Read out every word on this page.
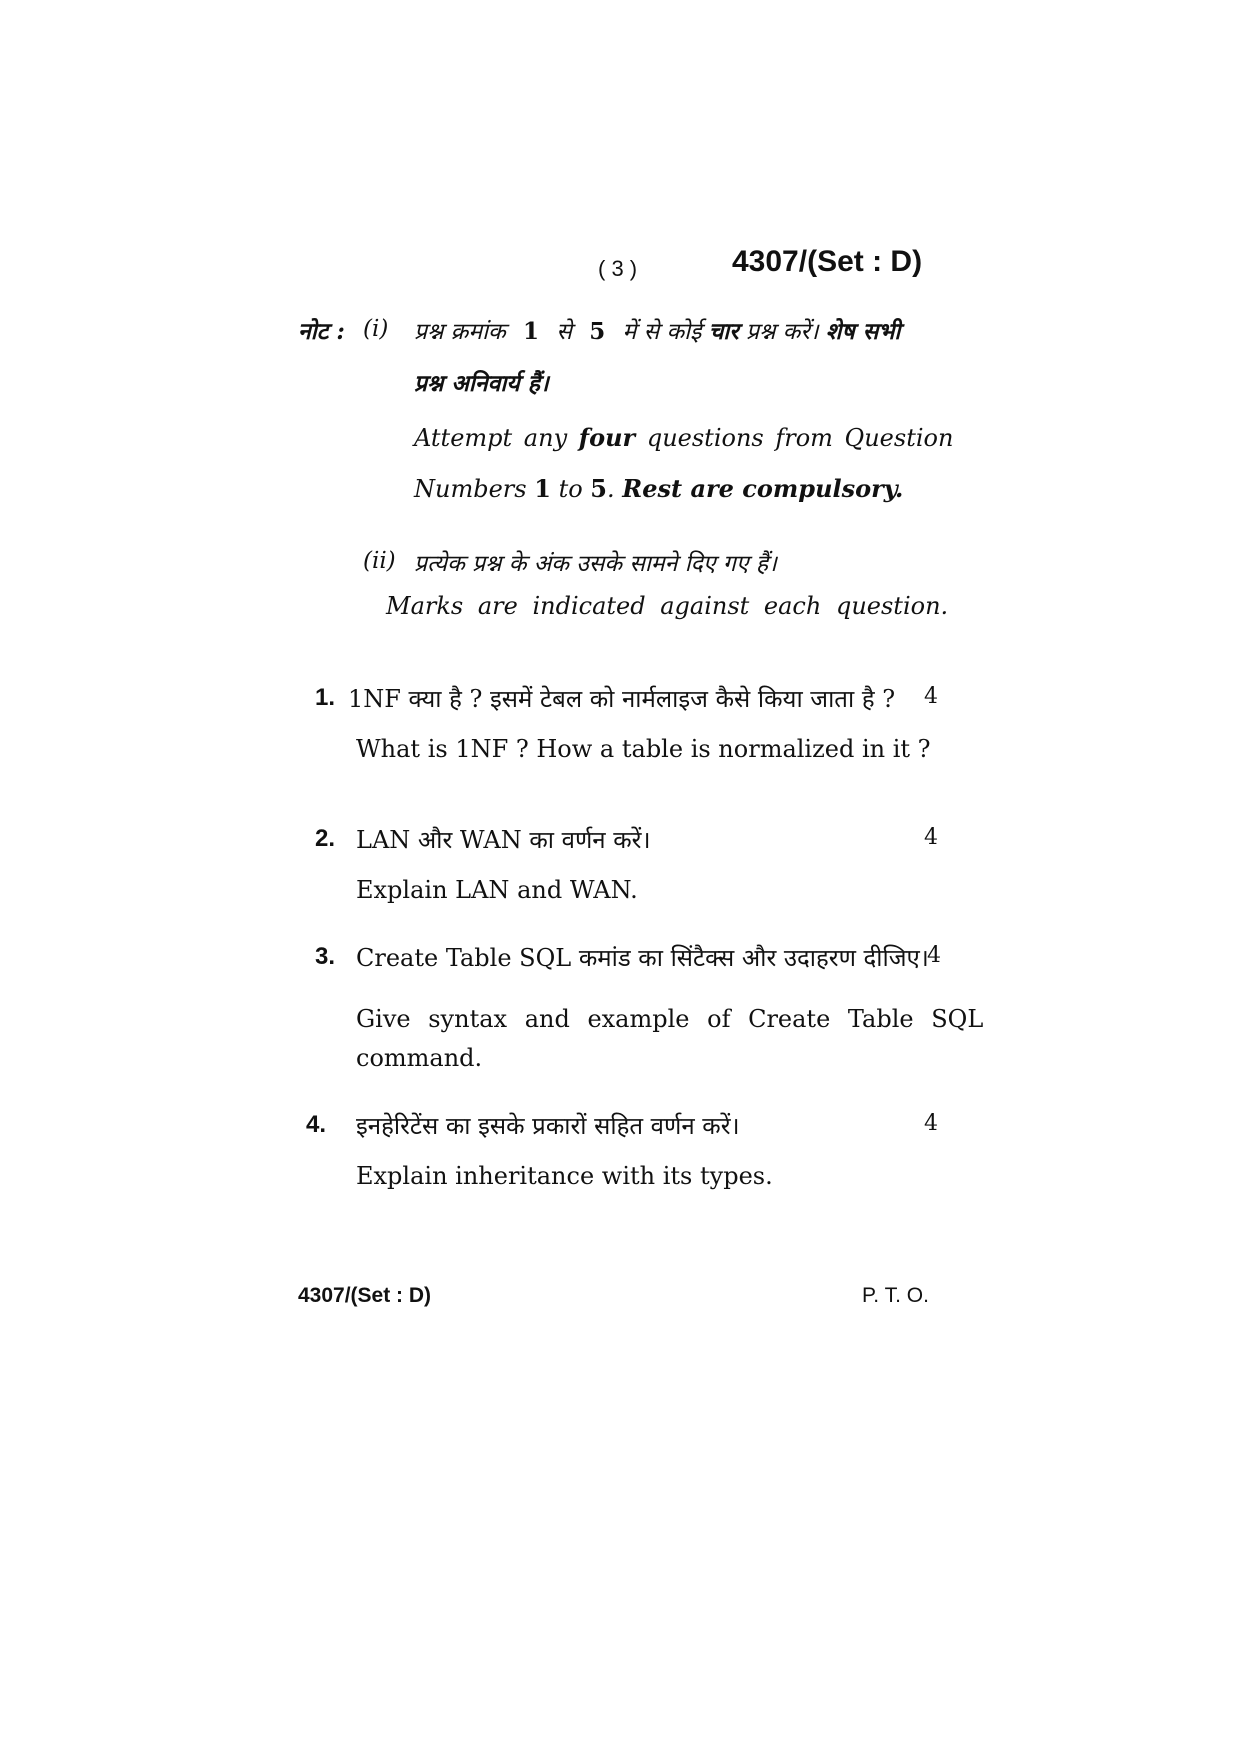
( 3 )	4307/(Set : D)
नोट : (i) प्रश्न क्रमांक 1 से 5 में से कोई चार प्रश्न करें। शेष सभी
प्रश्न अनिवार्य हैं।
Attempt any four questions from Question
Numbers 1 to 5. Rest are compulsory.
(ii) प्रत्येक प्रश्न के अंक उसके सामने दिए गए हैं।
Marks are indicated against each question.
1. 1NF क्या है ? इसमें टेबल को नार्मलाइज कैसे किया जाता है ? 4
What is 1NF ? How a table is normalized in it ?
2. LAN और WAN का वर्णन करें।	4
Explain LAN and WAN.
3. Create Table SQL कमांड का सिंटैक्स और उदाहरण दीजिए।
4
Give syntax and example of Create Table SQL
command.
4. इनहेरिटेंस का इसके प्रकारों सहित वर्णन करें।	4
Explain inheritance with its types.
4307/(Set : D)	P. T. O.
